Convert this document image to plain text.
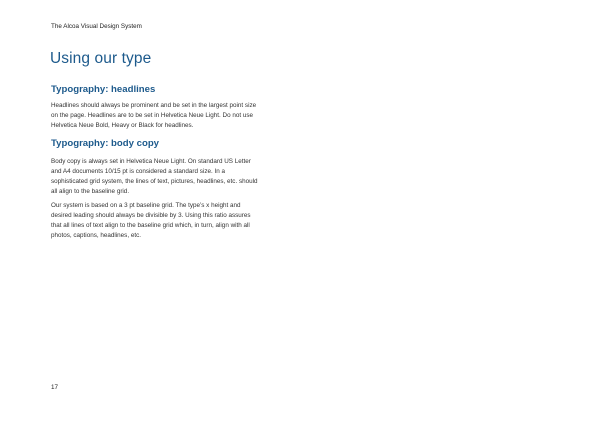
The Alcoa Visual Design System
Using our type
Typography: headlines

Headlines should always be prominent and be set in the largest point size
on the page. Headlines are to be set in Helvetica Neue Light. Do not use
Helvetica Neue Bold, Heavy or Black for headlines.

Typography: body copy

Body copy is always set in Helvetica Neue Light. On standard US Letter
and A4 documents 10/15 pt is considered a standard size. In a
sophisticated grid system, the lines of text, pictures, headlines, etc. should
all align to the baseline grid.

Our system is based on a 3 pt baseline grid. The type’s x height and
desired leading should always be divisible by 3. Using this ratio assures
that all lines of text align to the baseline grid which, in turn, align with all
photos, captions, headlines, etc.

17
